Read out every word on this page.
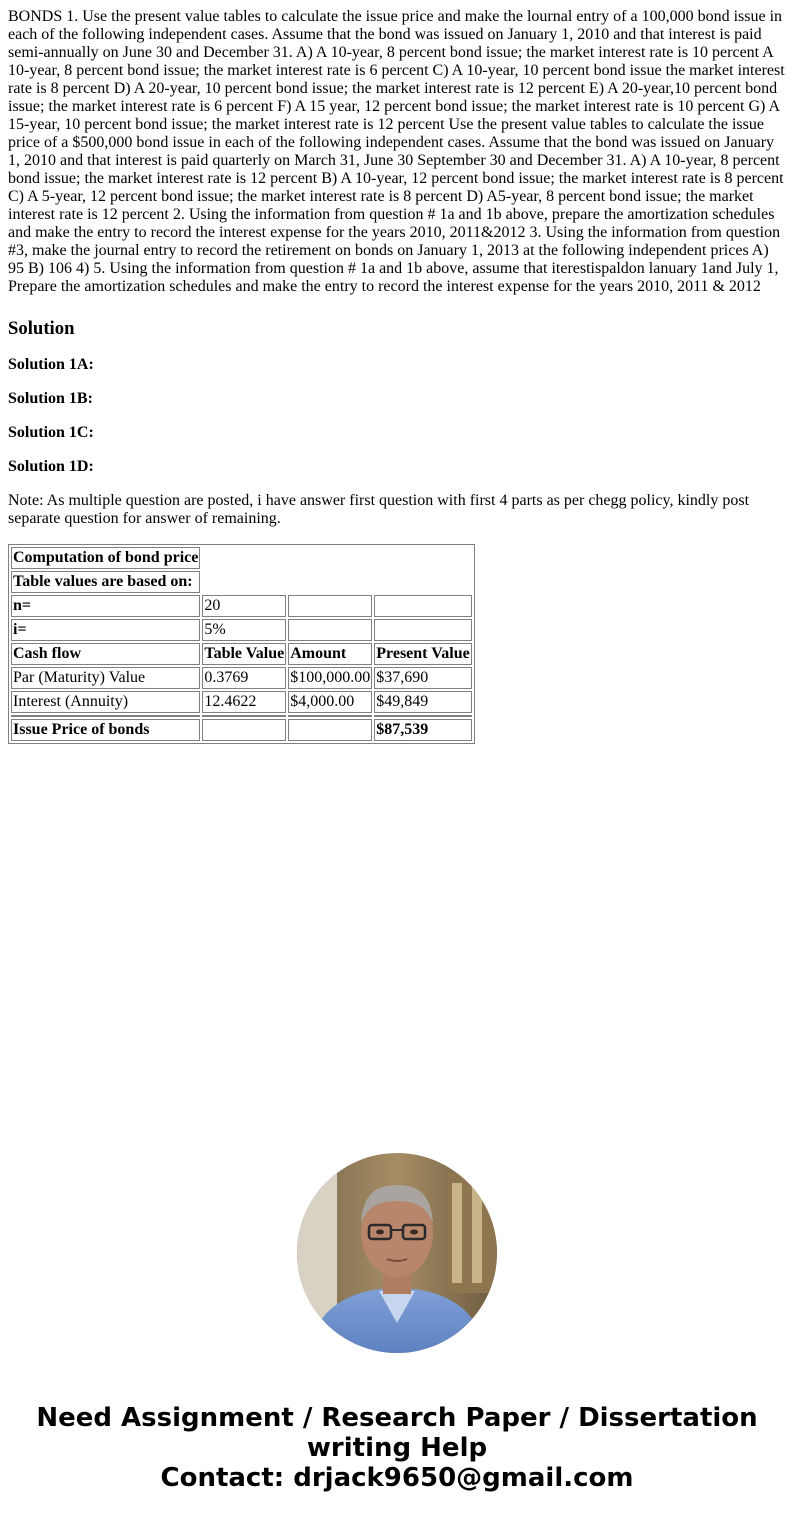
BONDS 1. Use the present value tables to calculate the issue price and make the lournal entry of a 100,000 bond issue in each of the following independent cases. Assume that the bond was issued on January 1, 2010 and that interest is paid semi-annually on June 30 and December 31. A) A 10-year, 8 percent bond issue; the market interest rate is 10 percent A 10-year, 8 percent bond issue; the market interest rate is 6 percent C) A 10-year, 10 percent bond issue the market interest rate is 8 percent D) A 20-year, 10 percent bond issue; the market interest rate is 12 percent E) A 20-year,10 percent bond issue; the market interest rate is 6 percent F) A 15 year, 12 percent bond issue; the market interest rate is 10 percent G) A 15-year, 10 percent bond issue; the market interest rate is 12 percent Use the present value tables to calculate the issue price of a $500,000 bond issue in each of the following independent cases. Assume that the bond was issued on January 1, 2010 and that interest is paid quarterly on March 31, June 30 September 30 and December 31. A) A 10-year, 8 percent bond issue; the market interest rate is 12 percent B) A 10-year, 12 percent bond issue; the market interest rate is 8 percent C) A 5-year, 12 percent bond issue; the market interest rate is 8 percent D) A5-year, 8 percent bond issue; the market interest rate is 12 percent 2. Using the information from question # 1a and 1b above, prepare the amortization schedules and make the entry to record the interest expense for the years 2010, 2011&2012 3. Using the information from question #3, make the journal entry to record the retirement on bonds on January 1, 2013 at the following independent prices A) 95 B) 106 4) 5. Using the information from question # 1a and 1b above, assume that iterestispaldon lanuary 1and July 1, Prepare the amortization schedules and make the entry to record the interest expense for the years 2010, 2011 & 2012
Solution
Solution 1A:
Solution 1B:
Solution 1C:
Solution 1D:
Note: As multiple question are posted, i have answer first question with first 4 parts as per chegg policy, kindly post separate question for answer of remaining.
Computation of bond price			
Table values are based on:			
n=	20		
i=	5%		
Cash flow	Table Value	Amount	Present Value
Par (Maturity) Value	0.3769	$100,000.00	$37,690
Interest (Annuity)	12.4622	$4,000.00	$49,849

Issue Price of bonds			$87,539
Need Assignment / Research Paper / Dissertation
writing Help
Contact: drjack9650@gmail.com
